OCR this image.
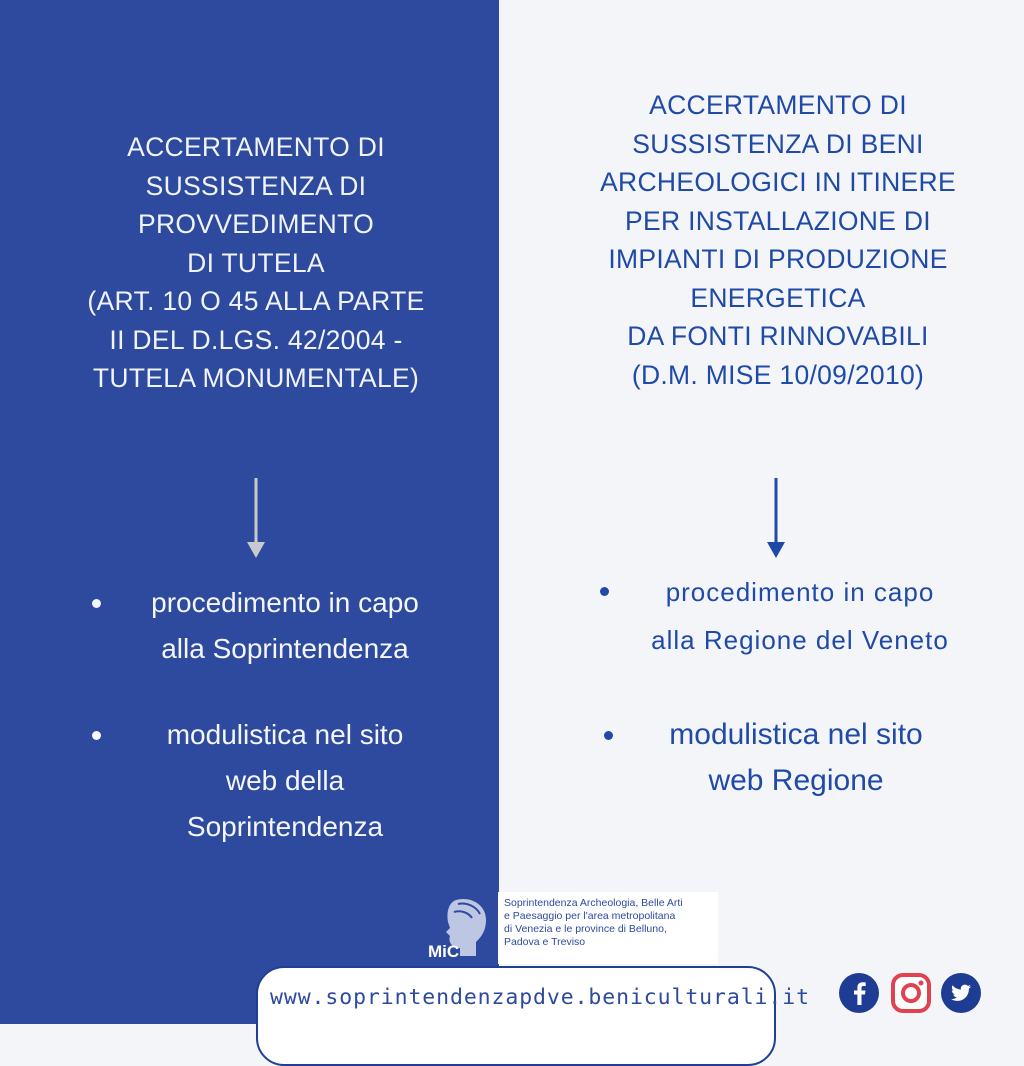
ACCERTAMENTO DI
SUSSISTENZA DI
PROVVEDIMENTO
DI TUTELA
(ART. 10 O 45 ALLA PARTE
II DEL D.LGS. 42/2004 -
TUTELA MONUMENTALE)
ACCERTAMENTO DI
SUSSISTENZA DI BENI
ARCHEOLOGICI IN ITINERE
PER INSTALLAZIONE DI
IMPIANTI DI PRODUZIONE
ENERGETICA
DA FONTI RINNOVABILI
(D.M. MISE 10/09/2010)
procedimento in capo
alla Soprintendenza
modulistica nel sito
web della
Soprintendenza
procedimento in capo
alla Regione del Veneto
modulistica nel sito
web Regione
MiC
Soprintendenza Archeologia, Belle Arti
e Paesaggio per l'area metropolitana
di Venezia e le province di Belluno,
Padova e Treviso
www.soprintendenzapdve.beniculturali.it
